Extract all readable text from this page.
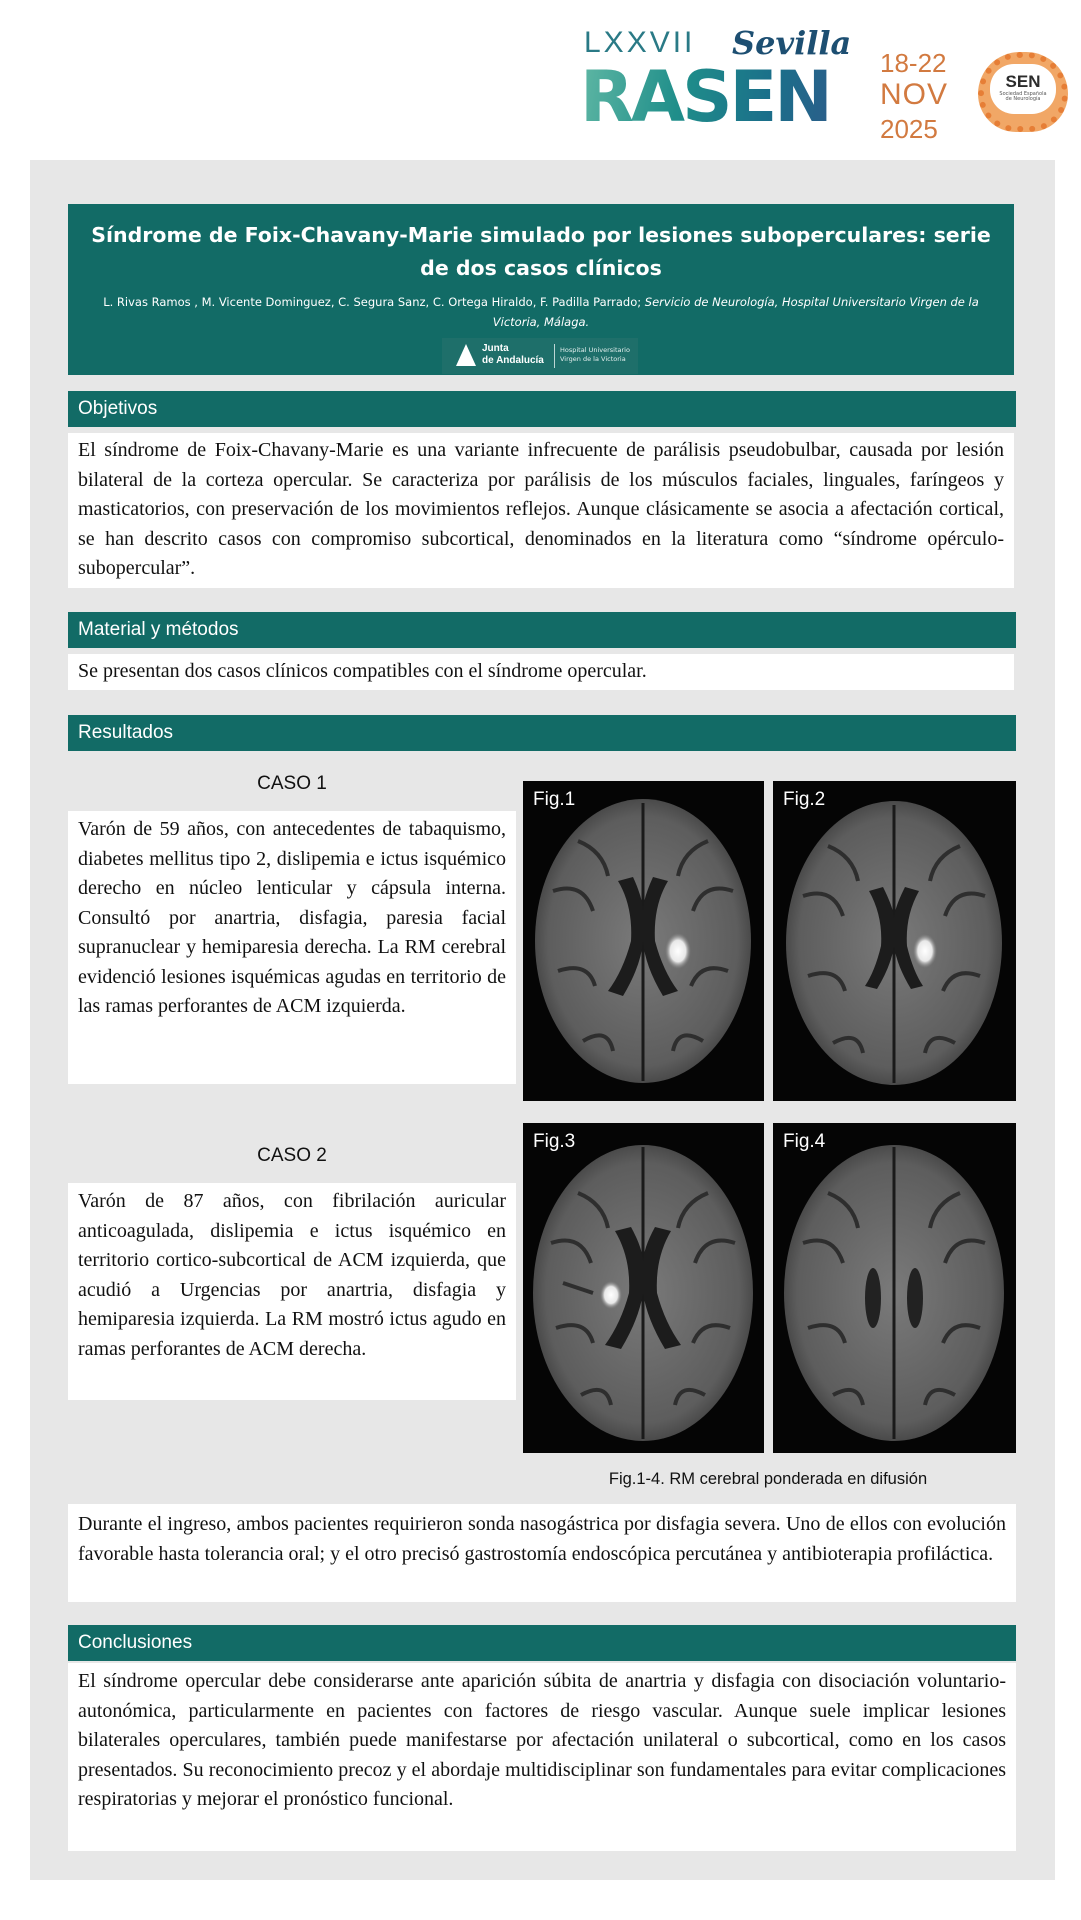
LXXVII Sevilla
RASEN 18-22
NOV
2025
SEN
Sociedad Española de Neurología
Síndrome de Foix-Chavany-Marie simulado por lesiones suboperculares: serie de dos casos clínicos
L. Rivas Ramos , M. Vicente Dominguez, C. Segura Sanz, C. Ortega Hiraldo, F. Padilla Parrado; Servicio de Neurología, Hospital Universitario Virgen de la Victoria, Málaga.
Junta
de Andalucía
Hospital Universitario
Virgen de la Victoria
Objetivos
El síndrome de Foix-Chavany-Marie es una variante infrecuente de parálisis pseudobulbar, causada por lesión bilateral de la corteza opercular. Se caracteriza por parálisis de los músculos faciales, linguales, faríngeos y masticatorios, con preservación de los movimientos reflejos. Aunque clásicamente se asocia a afectación cortical, se han descrito casos con compromiso subcortical, denominados en la literatura como “síndrome opérculo-subopercular”.
Material y métodos
Se presentan dos casos clínicos compatibles con el síndrome opercular.
Resultados
CASO 1
Varón de 59 años, con antecedentes de tabaquismo, diabetes mellitus tipo 2, dislipemia e ictus isquémico derecho en núcleo lenticular y cápsula interna. Consultó por anartria, disfagia, paresia facial supranuclear y hemiparesia derecha. La RM cerebral evidenció lesiones isquémicas agudas en territorio de las ramas perforantes de ACM izquierda.
CASO 2
Varón de 87 años, con fibrilación auricular anticoagulada, dislipemia e ictus isquémico en territorio cortico-subcortical de ACM izquierda, que acudió a Urgencias por anartria, disfagia y hemiparesia izquierda. La RM mostró ictus agudo en ramas perforantes de ACM derecha.
Fig.1	Fig.2
Fig.3	Fig.4
Fig.1-4. RM cerebral ponderada en difusión
Durante el ingreso, ambos pacientes requirieron sonda nasogástrica por disfagia severa. Uno de ellos con evolución favorable hasta tolerancia oral; y el otro precisó gastrostomía endoscópica percutánea y antibioterapia profiláctica.
Conclusiones
El síndrome opercular debe considerarse ante aparición súbita de anartria y disfagia con disociación voluntario-autonómica, particularmente en pacientes con factores de riesgo vascular. Aunque suele implicar lesiones bilaterales operculares, también puede manifestarse por afectación unilateral o subcortical, como en los casos presentados. Su reconocimiento precoz y el abordaje multidisciplinar son fundamentales para evitar complicaciones respiratorias y mejorar el pronóstico funcional.
